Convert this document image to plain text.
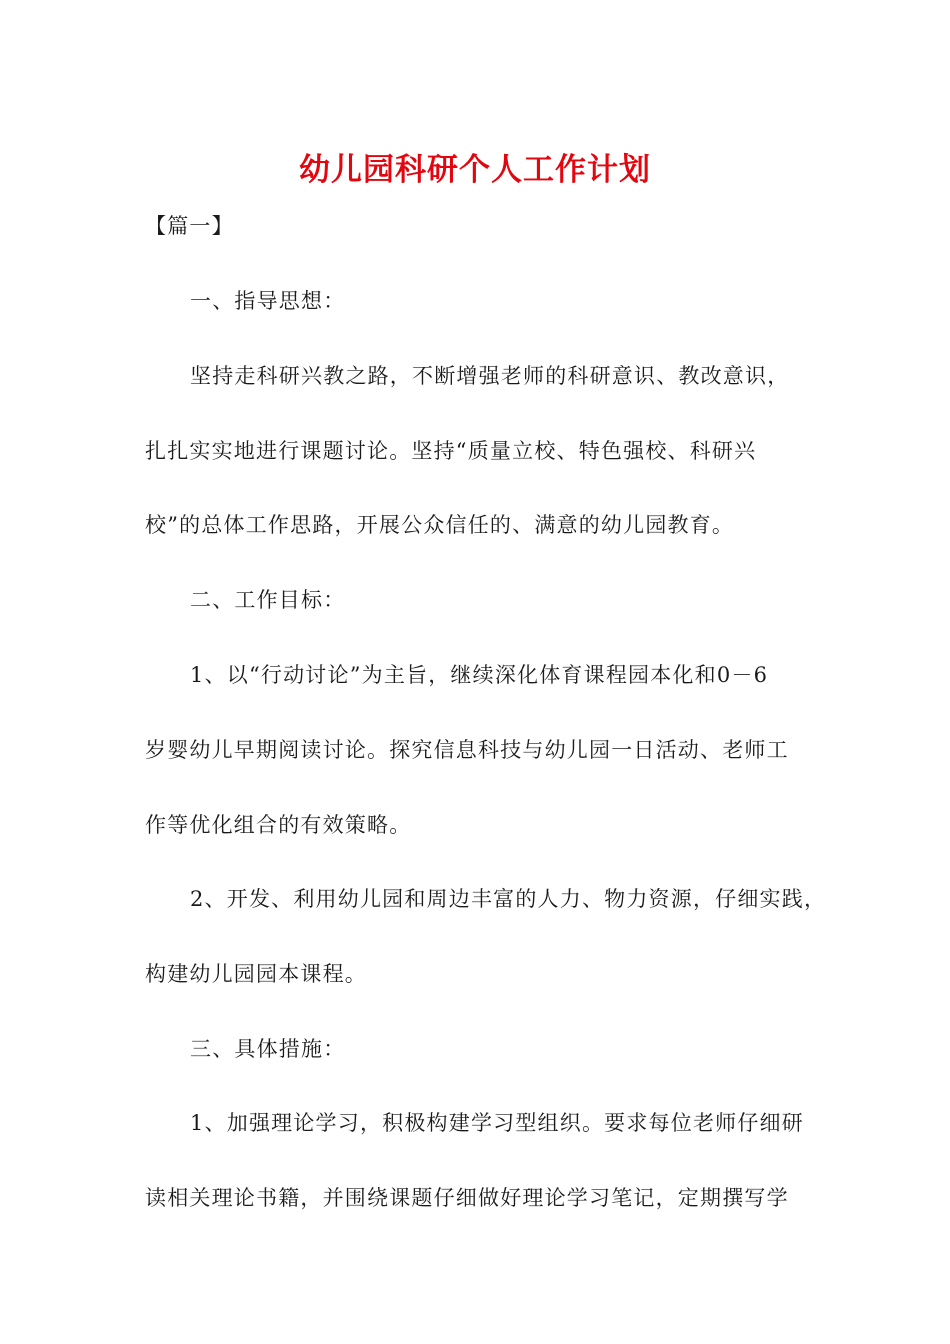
幼儿园科研个人工作计划
【篇一】
一、指导思想：
坚持走科研兴教之路，不断增强老师的科研意识、教改意识，
扎扎实实地进行课题讨论。坚持“质量立校、特色强校、科研兴
校”的总体工作思路，开展公众信任的、满意的幼儿园教育。
二、工作目标：
1、以“行动讨论”为主旨，继续深化体育课程园本化和0－6
岁婴幼儿早期阅读讨论。探究信息科技与幼儿园一日活动、老师工
作等优化组合的有效策略。
2、开发、利用幼儿园和周边丰富的人力、物力资源，仔细实践，
构建幼儿园园本课程。
三、具体措施：
1、加强理论学习，积极构建学习型组织。要求每位老师仔细研
读相关理论书籍，并围绕课题仔细做好理论学习笔记，定期撰写学
